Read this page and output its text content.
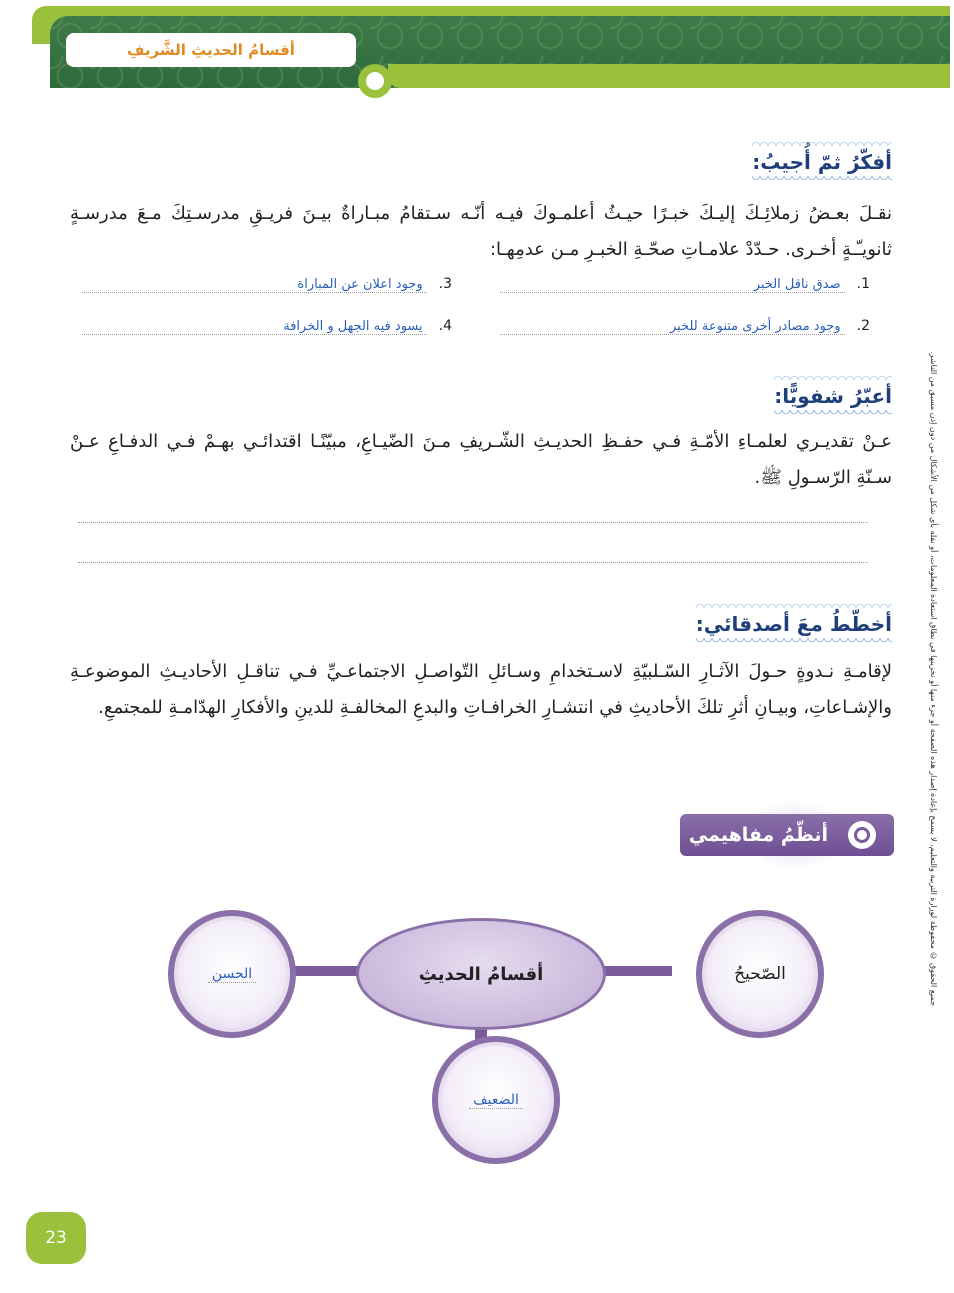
أقسامُ الحديثِ الشَّريفِ
أفكّرُ ثمّ أُجيبُ:
نقـلَ بعـضُ زملائِـكَ إليـكَ خبـرًا حيـثُ أعلمـوكَ فيـه أنّـه سـتقامُ مبـاراةٌ بيـنَ فريـقِ مدرسـتِكَ مـعَ مدرسـةٍ ثانويـّـةٍ أخـرى. حـدّدْ علامـاتِ صحّـةِ الخبـرِ مـن عدمِهـا:
1.
صدق ناقل الخبر
3.
وجود اعلان عن المباراة
2.
وجود مصادر أخرى متنوعة للخبر
4.
يسود فيه الجهل و الخرافة
أعبّرُ شفويًّا:
عـنْ تقديـري لعلمـاءِ الأمّـةِ فـي حفـظِ الحديـثِ الشّـريفِ مـنَ الضّيـاعِ، مبيّنًـا اقتدائـي بهـمْ فـي الدفـاعِ عـنْ سـنّةِ الرّسـولِ ﷺ.
أخطّطُ معَ أصدقائي:
لإقامـةِ نـدوةٍ حـولَ الآثـارِ السّـلبيّةِ لاسـتخدامِ وسـائلِ التّواصـلِ الاجتماعـيِّ فـي تناقـلِ الأحاديـثِ الموضوعـةِ والإشـاعاتِ، وبيـانِ أثرِ تلكَ الأحاديثِ في انتشـارِ الخرافـاتِ والبدعِ المخالفـةِ للدينِ والأفكارِ الهدّامـةِ للمجتمعِ.
أنظّمُ مفاهيمي
أقسامُ الحديثِ
الحسن	الصّحيحُ
الضعيف
جميع الحقوق © محفوظة لوزارة التربية والتعليم، لا يسمح بإعادة إصدار هذه الصفحة أو جزء منها أو تخزينها في نطاق استعادة المعلومات، أو نقله بأي شكل من الأشكال من دون إذن مسبق من الناشر.
23
